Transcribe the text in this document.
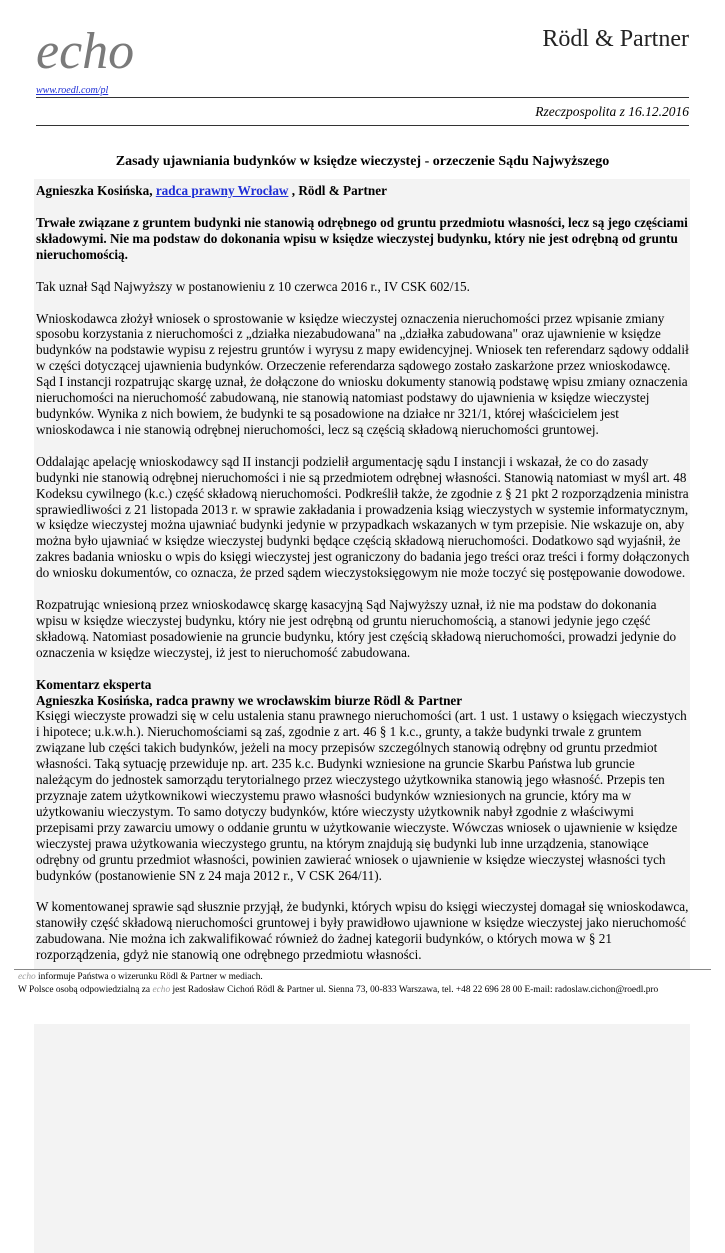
echo
www.roedl.com/pl
Rödl & Partner
Rzeczpospolita z 16.12.2016
Zasady ujawniania budynków w księdze wieczystej - orzeczenie Sądu Najwyższego

Agnieszka Kosińska, radca prawny Wrocław , Rödl & Partner

Trwałe związane z gruntem budynki nie stanowią odrębnego od gruntu przedmiotu własności, lecz są jego częściami składowymi. Nie ma podstaw do dokonania wpisu w księdze wieczystej budynku, który nie jest odrębną od gruntu nieruchomością.

Tak uznał Sąd Najwyższy w postanowieniu z 10 czerwca 2016 r., IV CSK 602/15.

Wnioskodawca złożył wniosek o sprostowanie w księdze wieczystej oznaczenia nieruchomości przez wpisanie zmiany sposobu korzystania z nieruchomości z „działka niezabudowana" na „działka zabudowana" oraz ujawnienie w księdze budynków na podstawie wypisu z rejestru gruntów i wyrysu z mapy ewidencyjnej. Wniosek ten referendarz sądowy oddalił w części dotyczącej ujawnienia budynków. Orzeczenie referendarza sądowego zostało zaskarżone przez wnioskodawcę. Sąd I instancji rozpatrując skargę uznał, że dołączone do wniosku dokumenty stanowią podstawę wpisu zmiany oznaczenia nieruchomości na nieruchomość zabudowaną, nie stanowią natomiast podstawy do ujawnienia w księdze wieczystej budynków. Wynika z nich bowiem, że budynki te są posadowione na działce nr 321/1, której właścicielem jest wnioskodawca i nie stanowią odrębnej nieruchomości, lecz są częścią składową nieruchomości gruntowej.

Oddalając apelację wnioskodawcy sąd II instancji podzielił argumentację sądu I instancji i wskazał, że co do zasady budynki nie stanowią odrębnej nieruchomości i nie są przedmiotem odrębnej własności. Stanowią natomiast w myśl art. 48 Kodeksu cywilnego (k.c.) część składową nieruchomości. Podkreślił także, że zgodnie z § 21 pkt 2 rozporządzenia ministra sprawiedliwości z 21 listopada 2013 r. w sprawie zakładania i prowadzenia ksiąg wieczystych w systemie informatycznym, w księdze wieczystej można ujawniać budynki jedynie w przypadkach wskazanych w tym przepisie. Nie wskazuje on, aby można było ujawniać w księdze wieczystej budynki będące częścią składową nieruchomości. Dodatkowo sąd wyjaśnił, że zakres badania wniosku o wpis do księgi wieczystej jest ograniczony do badania jego treści oraz treści i formy dołączonych do wniosku dokumentów, co oznacza, że przed sądem wieczystoksięgowym nie może toczyć się postępowanie dowodowe.

Rozpatrując wniesioną przez wnioskodawcę skargę kasacyjną Sąd Najwyższy uznał, iż nie ma podstaw do dokonania wpisu w księdze wieczystej budynku, który nie jest odrębną od gruntu nieruchomością, a stanowi jedynie jego część składową. Natomiast posadowienie na gruncie budynku, który jest częścią składową nieruchomości, prowadzi jedynie do oznaczenia w księdze wieczystej, iż jest to nieruchomość zabudowana.

Komentarz eksperta
Agnieszka Kosińska, radca prawny we wrocławskim biurze Rödl & Partner
Księgi wieczyste prowadzi się w celu ustalenia stanu prawnego nieruchomości (art. 1 ust. 1 ustawy o księgach wieczystych i hipotece; u.k.w.h.). Nieruchomościami są zaś, zgodnie z art. 46 § 1 k.c., grunty, a także budynki trwale z gruntem związane lub części takich budynków, jeżeli na mocy przepisów szczególnych stanowią odrębny od gruntu przedmiot własności. Taką sytuację przewiduje np. art. 235 k.c. Budynki wzniesione na gruncie Skarbu Państwa lub gruncie należącym do jednostek samorządu terytorialnego przez wieczystego użytkownika stanowią jego własność. Przepis ten przyznaje zatem użytkownikowi wieczystemu prawo własności budynków wzniesionych na gruncie, który ma w użytkowaniu wieczystym. To samo dotyczy budynków, które wieczysty użytkownik nabył zgodnie z właściwymi przepisami przy zawarciu umowy o oddanie gruntu w użytkowanie wieczyste. Wówczas wniosek o ujawnienie w księdze wieczystej prawa użytkowania wieczystego gruntu, na którym znajdują się budynki lub inne urządzenia, stanowiące odrębny od gruntu przedmiot własności, powinien zawierać wniosek o ujawnienie w księdze wieczystej własności tych budynków (postanowienie SN z 24 maja 2012 r., V CSK 264/11).

W komentowanej sprawie sąd słusznie przyjął, że budynki, których wpisu do księgi wieczystej domagał się wnioskodawca, stanowiły część składową nieruchomości gruntowej i były prawidłowo ujawnione w księdze wieczystej jako nieruchomość zabudowana. Nie można ich zakwalifikować również do żadnej kategorii budynków, o których mowa w § 21 rozporządzenia, gdyż nie stanowią one odrębnego przedmiotu własności.

echo informuje Państwa o wizerunku Rödl & Partner w mediach.
W Polsce osobą odpowiedzialną za echo jest Radosław Cichoń Rödl & Partner ul. Sienna 73, 00-833 Warszawa, tel. +48 22 696 28 00 E-mail: radoslaw.cichon@roedl.pro
